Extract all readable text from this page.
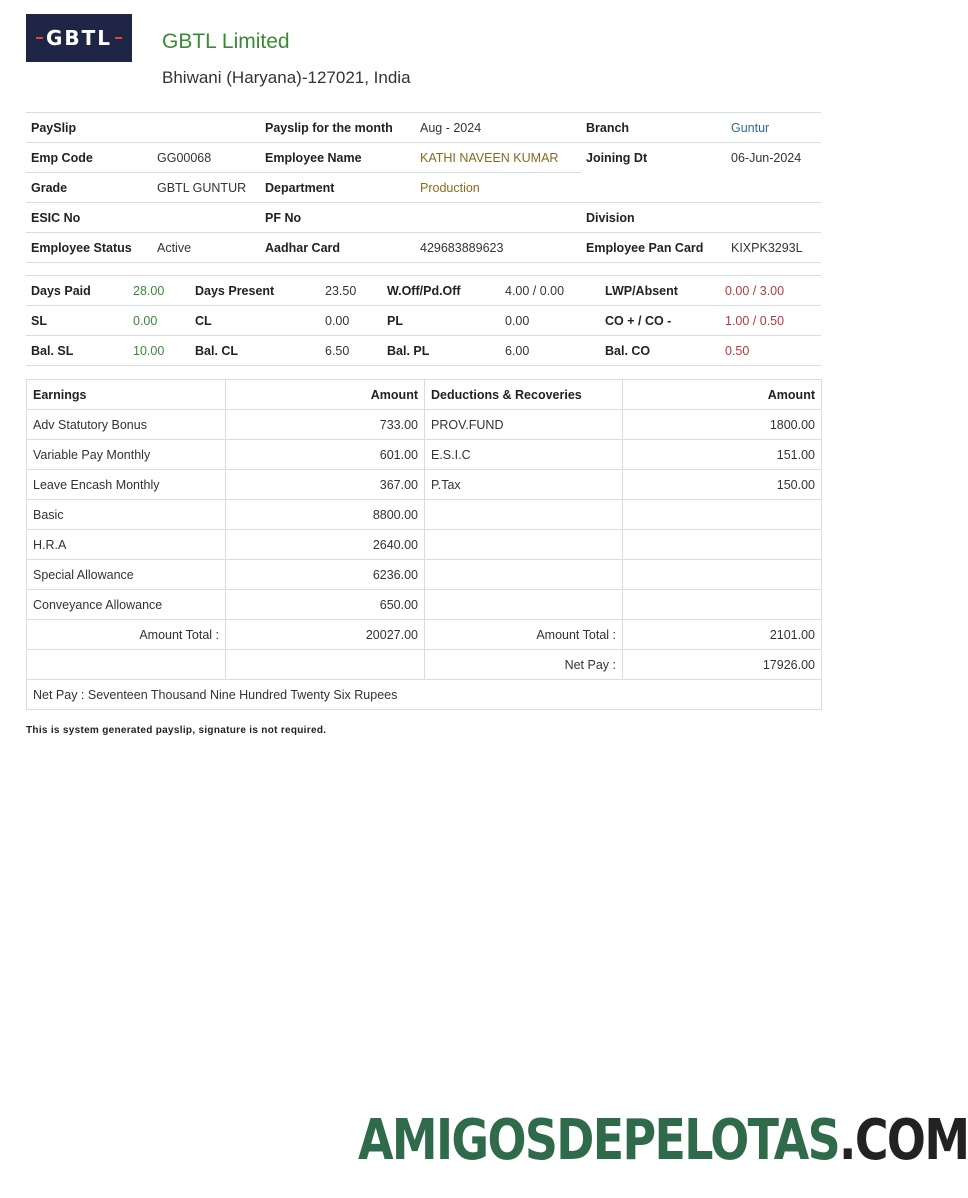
GBTL GBTL Limited
Bhiwani (Haryana)-127021, India
PaySlip		Payslip for the month	Aug - 2024	Branch	Guntur
Emp Code	GG00068	Employee Name	KATHI NAVEEN KUMAR	Joining Dt	06-Jun-2024
Grade	GBTL GUNTUR	Department	Production		
ESIC No		PF No		Division	
Employee Status	Active	Aadhar Card	429683889623	Employee Pan Card	KIXPK3293L
Days Paid	28.00	Days Present	23.50	W.Off/Pd.Off	4.00 / 0.00	LWP/Absent	0.00 / 3.00
SL	0.00	CL	0.00	PL	0.00	CO + / CO -	1.00 / 0.50
Bal. SL	10.00	Bal. CL	6.50	Bal. PL	6.00	Bal. CO	0.50
Earnings	Amount	Deductions & Recoveries	Amount
Adv Statutory Bonus	733.00	PROV.FUND	1800.00
Variable Pay Monthly	601.00	E.S.I.C	151.00
Leave Encash Monthly	367.00	P.Tax	150.00
Basic	8800.00		
H.R.A	2640.00		
Special Allowance	6236.00		
Conveyance Allowance	650.00		
Amount Total :	20027.00	Amount Total :	2101.00
		Net Pay :	17926.00
Net Pay : Seventeen Thousand Nine Hundred Twenty Six Rupees			
This is system generated payslip, signature is not required.
AMIGOSDEPELOTAS.COM
